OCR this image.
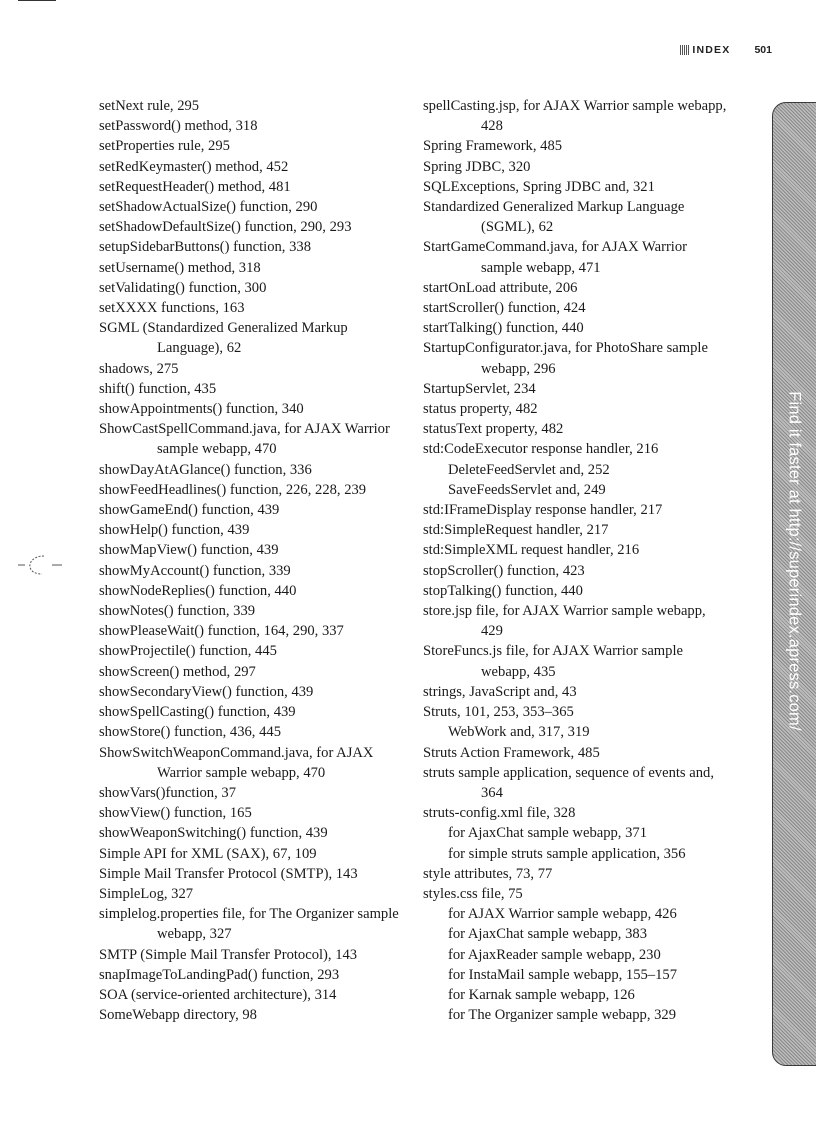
INDEX 501
setNext rule, 295
setPassword() method, 318
setProperties rule, 295
setRedKeymaster() method, 452
setRequestHeader() method, 481
setShadowActualSize() function, 290
setShadowDefaultSize() function, 290, 293
setupSidebarButtons() function, 338
setUsername() method, 318
setValidating() function, 300
setXXXX functions, 163
SGML (Standardized Generalized Markup Language), 62
shadows, 275
shift() function, 435
showAppointments() function, 340
ShowCastSpellCommand.java, for AJAX Warrior sample webapp, 470
showDayAtAGlance() function, 336
showFeedHeadlines() function, 226, 228, 239
showGameEnd() function, 439
showHelp() function, 439
showMapView() function, 439
showMyAccount() function, 339
showNodeReplies() function, 440
showNotes() function, 339
showPleaseWait() function, 164, 290, 337
showProjectile() function, 445
showScreen() method, 297
showSecondaryView() function, 439
showSpellCasting() function, 439
showStore() function, 436, 445
ShowSwitchWeaponCommand.java, for AJAX Warrior sample webapp, 470
showVars()function, 37
showView() function, 165
showWeaponSwitching() function, 439
Simple API for XML (SAX), 67, 109
Simple Mail Transfer Protocol (SMTP), 143
SimpleLog, 327
simplelog.properties file, for The Organizer sample webapp, 327
SMTP (Simple Mail Transfer Protocol), 143
snapImageToLandingPad() function, 293
SOA (service-oriented architecture), 314
SomeWebapp directory, 98
spellCasting.jsp, for AJAX Warrior sample webapp, 428
Spring Framework, 485
Spring JDBC, 320
SQLExceptions, Spring JDBC and, 321
Standardized Generalized Markup Language (SGML), 62
StartGameCommand.java, for AJAX Warrior sample webapp, 471
startOnLoad attribute, 206
startScroller() function, 424
startTalking() function, 440
StartupConfigurator.java, for PhotoShare sample webapp, 296
StartupServlet, 234
status property, 482
statusText property, 482
std:CodeExecutor response handler, 216
DeleteFeedServlet and, 252
SaveFeedsServlet and, 249
std:IFrameDisplay response handler, 217
std:SimpleRequest handler, 217
std:SimpleXML request handler, 216
stopScroller() function, 423
stopTalking() function, 440
store.jsp file, for AJAX Warrior sample webapp, 429
StoreFuncs.js file, for AJAX Warrior sample webapp, 435
strings, JavaScript and, 43
Struts, 101, 253, 353–365
WebWork and, 317, 319
Struts Action Framework, 485
struts sample application, sequence of events and, 364
struts-config.xml file, 328
for AjaxChat sample webapp, 371
for simple struts sample application, 356
style attributes, 73, 77
styles.css file, 75
for AJAX Warrior sample webapp, 426
for AjaxChat sample webapp, 383
for AjaxReader sample webapp, 230
for InstaMail sample webapp, 155–157
for Karnak sample webapp, 126
for The Organizer sample webapp, 329
Find it faster at http://superindex.apress.com/
